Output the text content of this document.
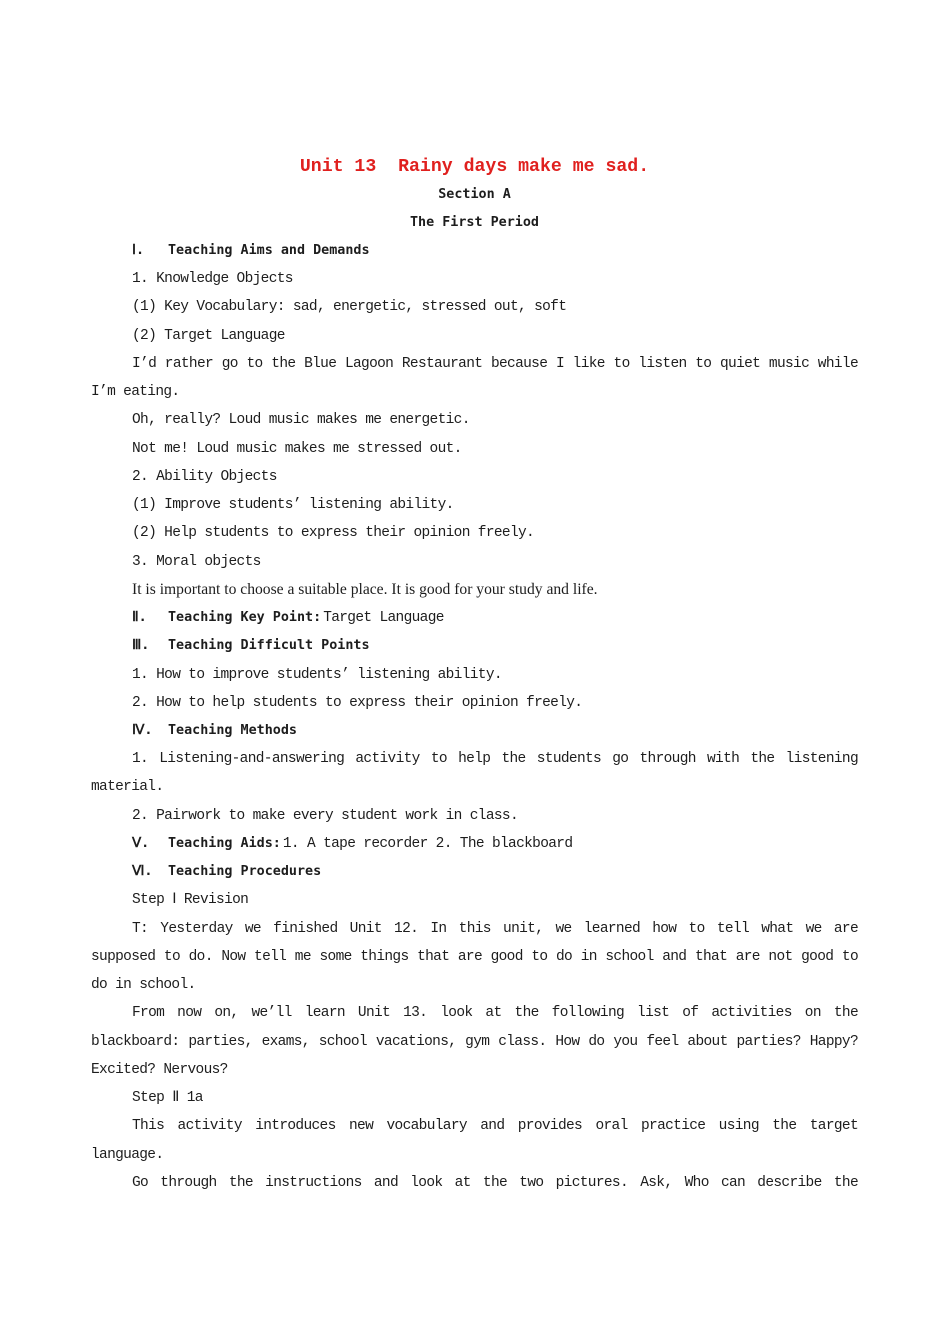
Unit 13  Rainy days make me sad.
Section A
The First Period

Ⅰ. Teaching Aims and Demands

1. Knowledge Objects

(1) Key Vocabulary: sad, energetic, stressed out, soft

(2) Target Language

I’d rather go to the Blue Lagoon Restaurant because I like to listen to quiet music while I’m eating.

Oh, really? Loud music makes me energetic.

Not me! Loud music makes me stressed out.

2. Ability Objects

(1) Improve students’ listening ability.

(2) Help students to express their opinion freely.

3. Moral objects

It is important to choose a suitable place. It is good for your study and life.

Ⅱ. Teaching Key Point: Target Language

Ⅲ. Teaching Difficult Points

1. How to improve students’ listening ability.

2. How to help students to express their opinion freely.

Ⅳ. Teaching Methods

1. Listening-and-answering activity to help the students go through with the listening material.

2. Pairwork to make every student work in class.

Ⅴ. Teaching Aids: 1. A tape recorder 2. The blackboard

Ⅵ. Teaching Procedures

Step Ⅰ Revision

T: Yesterday we finished Unit 12. In this unit, we learned how to tell what we are supposed to do. Now tell me some things that are good to do in school and that are not good to do in school.

From now on, we’ll learn Unit 13. look at the following list of activities on the blackboard: parties, exams, school vacations, gym class. How do you feel about parties? Happy? Excited? Nervous?

Step Ⅱ 1a

This activity introduces new vocabulary and provides oral practice using the target language.

Go through the instructions and look at the two pictures. Ask, Who can describe the
